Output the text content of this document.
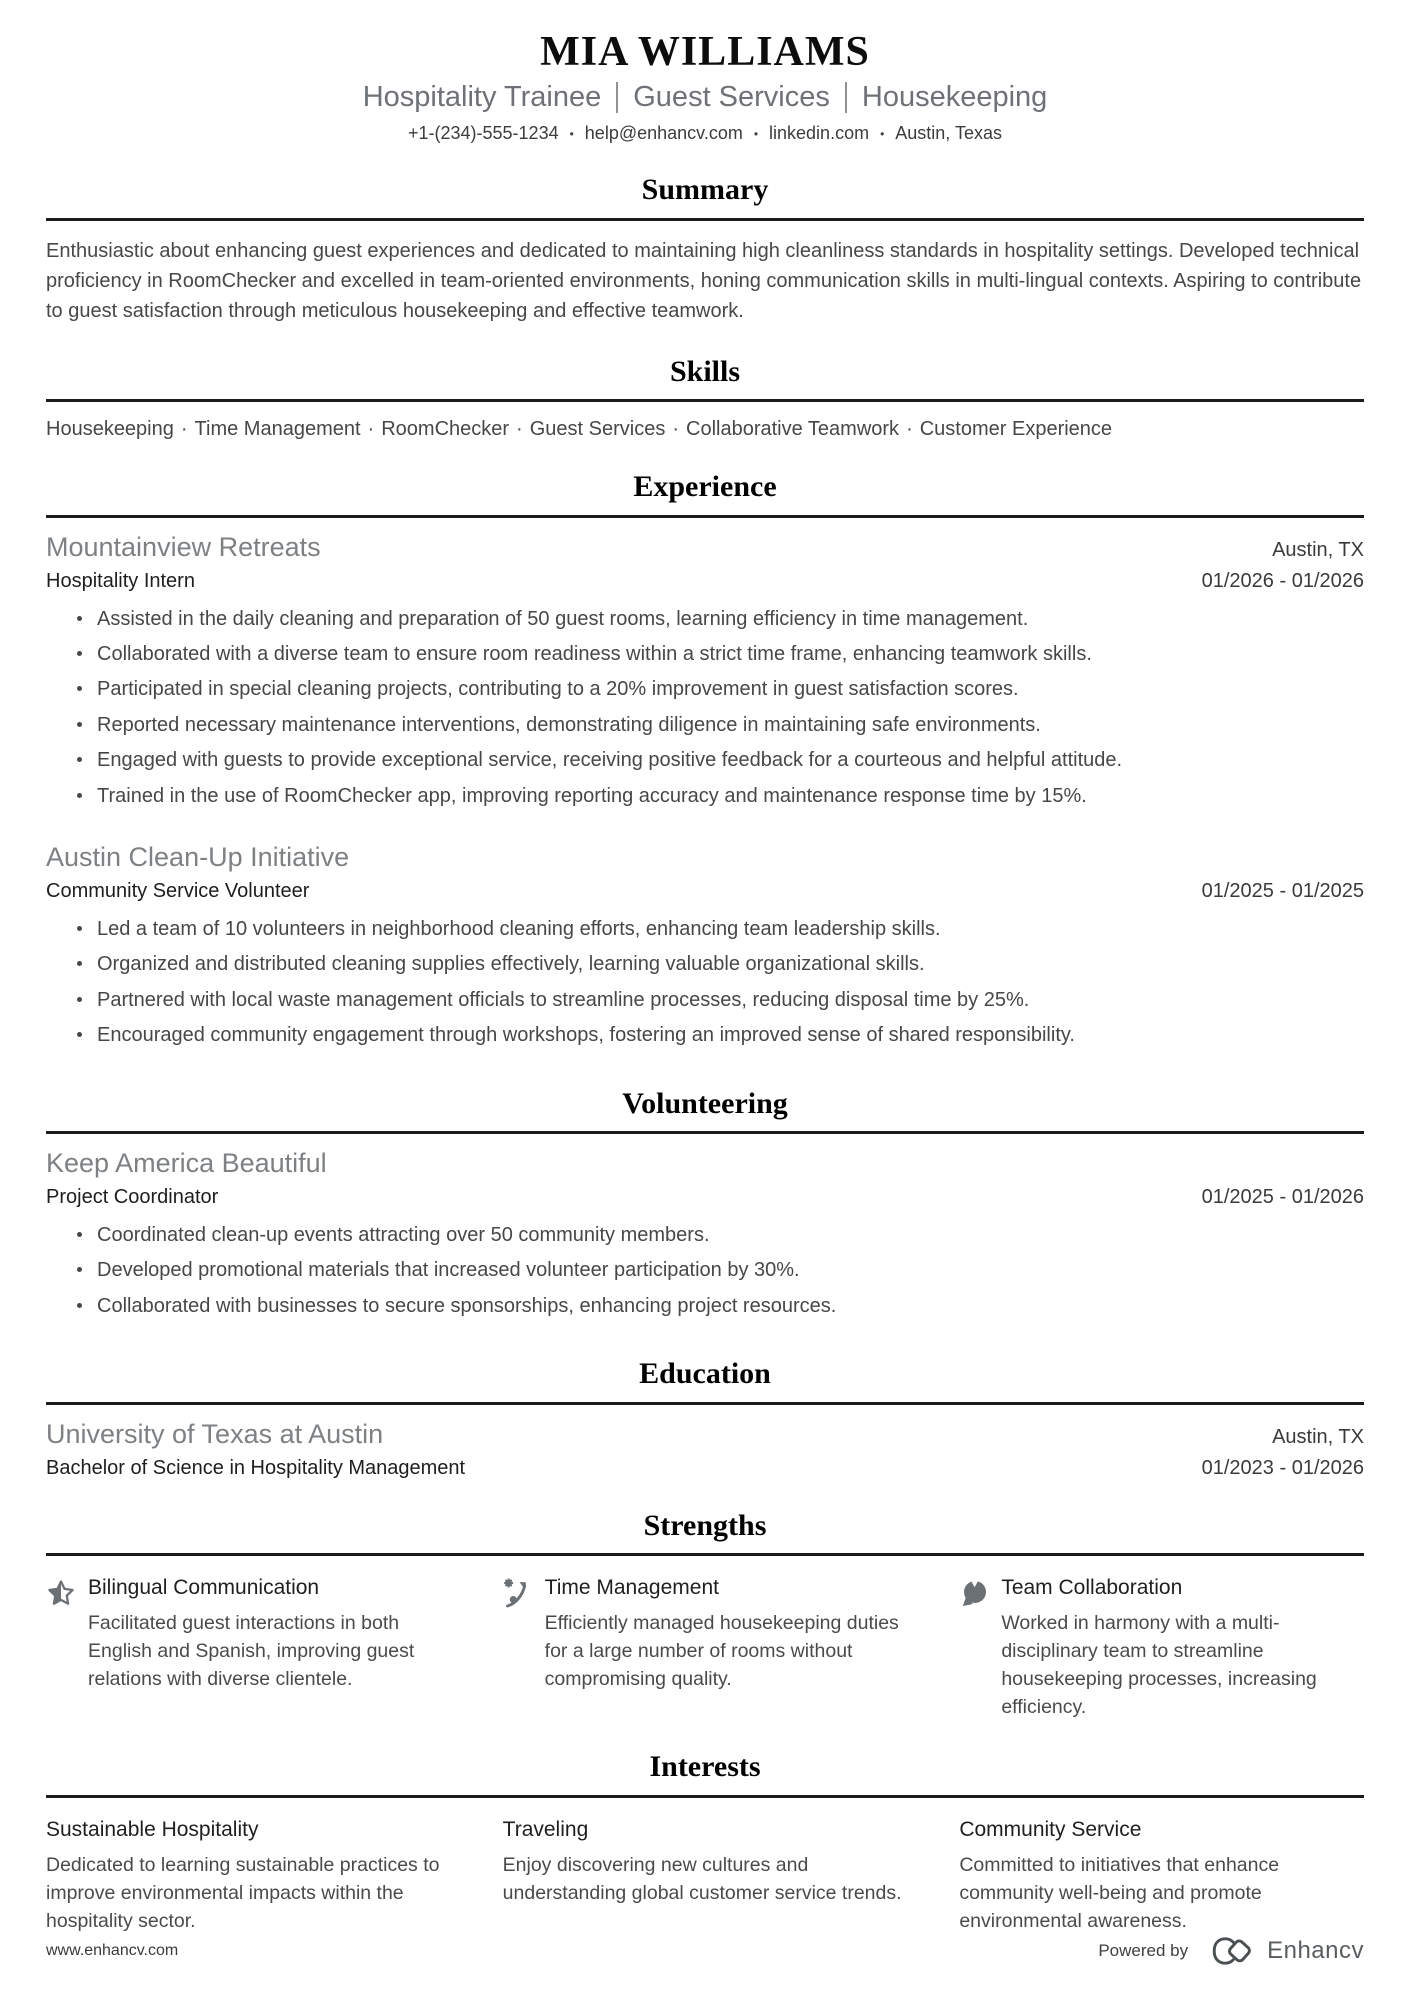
MIA WILLIAMS
Hospitality Trainee Guest Services Housekeeping
+1-(234)-555-1234 • help@enhancv.com • linkedin.com • Austin, Texas
Summary
Enthusiastic about enhancing guest experiences and dedicated to maintaining high cleanliness standards in hospitality settings. Developed technical proficiency in RoomChecker and excelled in team-oriented environments, honing communication skills in multi-lingual contexts. Aspiring to contribute to guest satisfaction through meticulous housekeeping and effective teamwork.
Skills
Housekeeping · Time Management · RoomChecker · Guest Services · Collaborative Teamwork · Customer Experience
Experience
Mountainview Retreats	Austin, TX
Hospitality Intern	01/2026 - 01/2026
Assisted in the daily cleaning and preparation of 50 guest rooms, learning efficiency in time management.
Collaborated with a diverse team to ensure room readiness within a strict time frame, enhancing teamwork skills.
Participated in special cleaning projects, contributing to a 20% improvement in guest satisfaction scores.
Reported necessary maintenance interventions, demonstrating diligence in maintaining safe environments.
Engaged with guests to provide exceptional service, receiving positive feedback for a courteous and helpful attitude.
Trained in the use of RoomChecker app, improving reporting accuracy and maintenance response time by 15%.
Austin Clean-Up Initiative
Community Service Volunteer	01/2025 - 01/2025
Led a team of 10 volunteers in neighborhood cleaning efforts, enhancing team leadership skills.
Organized and distributed cleaning supplies effectively, learning valuable organizational skills.
Partnered with local waste management officials to streamline processes, reducing disposal time by 25%.
Encouraged community engagement through workshops, fostering an improved sense of shared responsibility.
Volunteering
Keep America Beautiful
Project Coordinator	01/2025 - 01/2026
Coordinated clean-up events attracting over 50 community members.
Developed promotional materials that increased volunteer participation by 30%.
Collaborated with businesses to secure sponsorships, enhancing project resources.
Education
University of Texas at Austin	Austin, TX
Bachelor of Science in Hospitality Management	01/2023 - 01/2026
Strengths
Bilingual Communication
Facilitated guest interactions in both English and Spanish, improving guest relations with diverse clientele.
Time Management
Efficiently managed housekeeping duties for a large number of rooms without compromising quality.
Team Collaboration
Worked in harmony with a multi-disciplinary team to streamline housekeeping processes, increasing efficiency.
Interests
Sustainable Hospitality
Dedicated to learning sustainable practices to improve environmental impacts within the hospitality sector.
Traveling
Enjoy discovering new cultures and understanding global customer service trends.
Community Service
Committed to initiatives that enhance community well-being and promote environmental awareness.
www.enhancv.com	Powered by	Enhancv
